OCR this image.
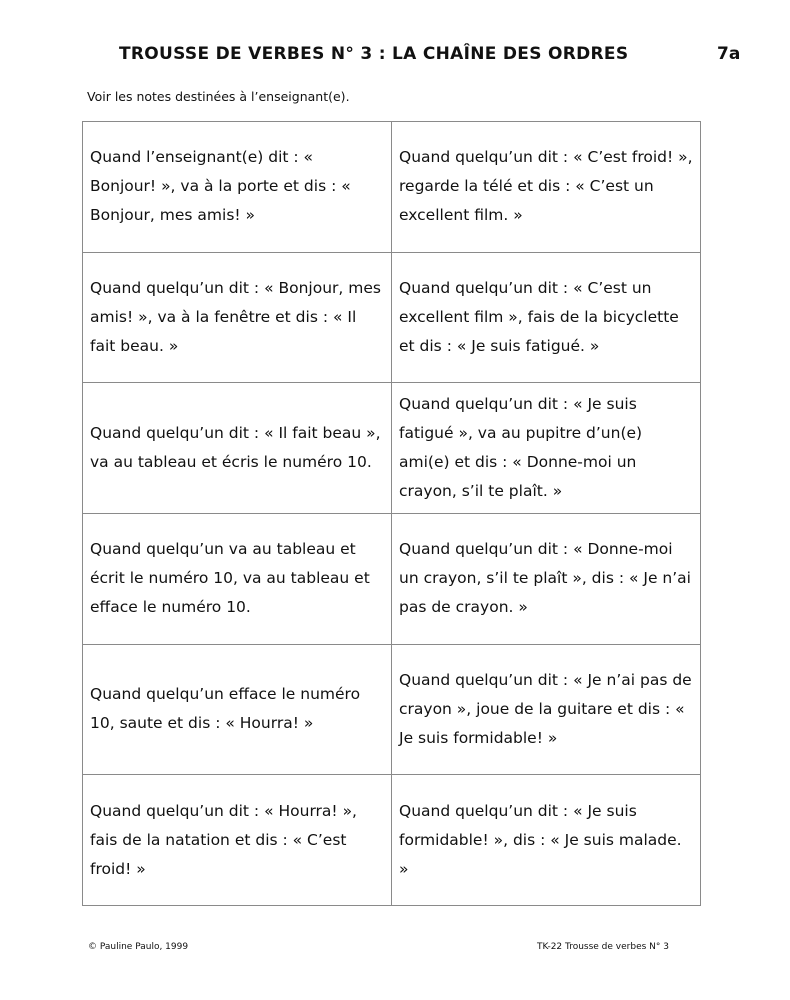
TROUSSE DE VERBES N° 3 : LA CHAÎNE DES ORDRES	7a
Voir les notes destinées à l’enseignant(e).
Quand l’enseignant(e) dit : « Bonjour! », va à la porte et dis : « Bonjour, mes amis! »	Quand quelqu’un dit : « C’est froid! », regarde la télé et dis : « C’est un excellent film. »
Quand quelqu’un dit : « Bonjour, mes amis! », va à la fenêtre et dis : « Il fait beau. »	Quand quelqu’un dit : « C’est un excellent film », fais de la bicyclette et dis : « Je suis fatigué. »
Quand quelqu’un dit : « Il fait beau », va au tableau et écris le numéro 10.	Quand quelqu’un dit : « Je suis fatigué », va au pupitre d’un(e) ami(e) et dis : « Donne-moi un crayon, s’il te plaît. »
Quand quelqu’un va au tableau et écrit le numéro 10, va au tableau et efface le numéro 10.	Quand quelqu’un dit : « Donne-moi un crayon, s’il te plaît », dis : « Je n’ai pas de crayon. »
Quand quelqu’un efface le numéro 10, saute et dis : « Hourra! »	Quand quelqu’un dit : « Je n’ai pas de crayon », joue de la guitare et dis : « Je suis formidable! »
Quand quelqu’un dit : « Hourra! », fais de la natation et dis : « C’est froid! »	Quand quelqu’un dit : « Je suis formidable! », dis : « Je suis malade. »
© Pauline Paulo, 1999	TK-22 Trousse de verbes N° 3
